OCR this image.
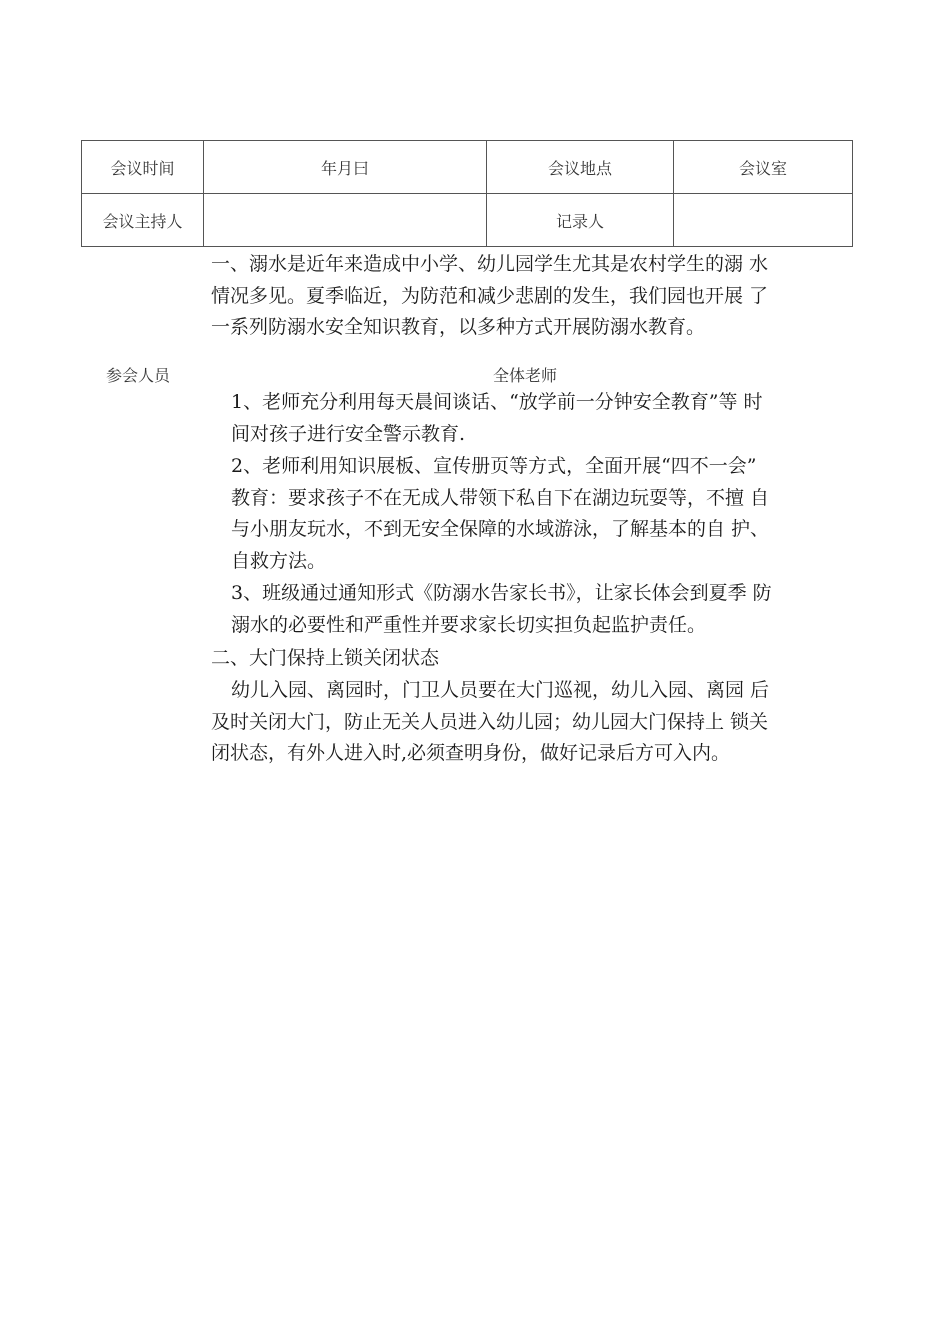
会议时间	年月曰	会议地点	会议室
会议主持人		记录人	
一、溺水是近年来造成中小学、幼儿园学生尤其是农村学生的溺 水
情况多见。夏季临近，为防范和减少悲剧的发生，我们园也开展 了
一系列防溺水安全知识教育，以多种方式开展防溺水教育。
参会人员	全体老师
1、老师充分利用每天晨间谈话、“放学前一分钟安全教育”等 时
间对孩子进行安全警示教育.
2、老师利用知识展板、宣传册页等方式，全面开展“四不一会”
教育：要求孩子不在无成人带领下私自下在湖边玩耍等，不擅 自
与小朋友玩水，不到无安全保障的水域游泳，了解基本的自 护、
自救方法。
3、班级通过通知形式《防溺水告家长书》，让家长体会到夏季 防
溺水的必要性和严重性并要求家长切实担负起监护责任。
二、大门保持上锁关闭状态
幼儿入园、离园时，门卫人员要在大门巡视，幼儿入园、离园 后
及时关闭大门，防止无关人员进入幼儿园；幼儿园大门保持上 锁关
闭状态，有外人进入时,必须查明身份，做好记录后方可入内。
